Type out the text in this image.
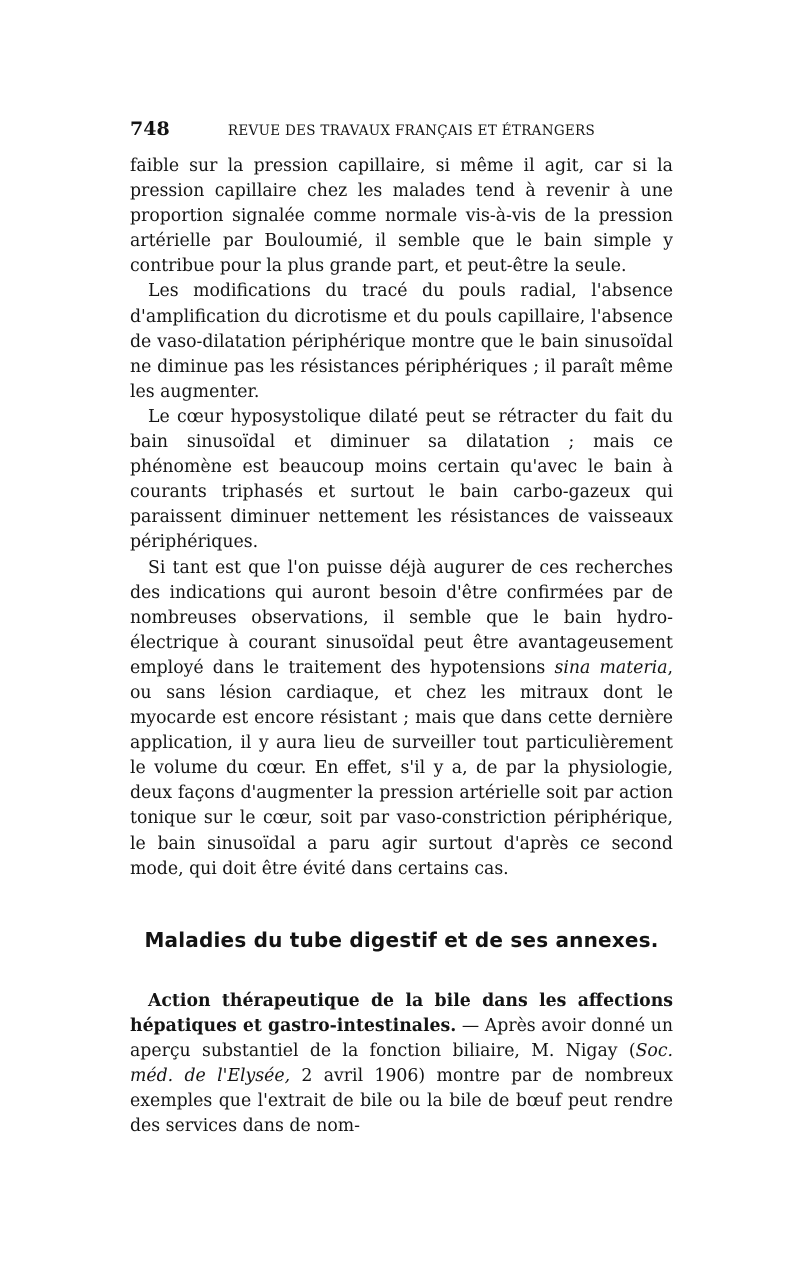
748	REVUE DES TRAVAUX FRANÇAIS ET ÉTRANGERS

faible sur la pression capillaire, si même il agit, car si la pression capillaire chez les malades tend à revenir à une proportion signalée comme normale vis-à-vis de la pression artérielle par Bouloumié, il semble que le bain simple y contribue pour la plus grande part, et peut-être la seule.

Les modifications du tracé du pouls radial, l'absence d'amplification du dicrotisme et du pouls capillaire, l'absence de vaso-dilatation périphérique montre que le bain sinusoïdal ne diminue pas les résistances périphériques ; il paraît même les augmenter.

Le cœur hyposystolique dilaté peut se rétracter du fait du bain sinusoïdal et diminuer sa dilatation ; mais ce phénomène est beaucoup moins certain qu'avec le bain à courants triphasés et surtout le bain carbo-gazeux qui paraissent diminuer nettement les résistances de vaisseaux périphériques.

Si tant est que l'on puisse déjà augurer de ces recherches des indications qui auront besoin d'être confirmées par de nombreuses observations, il semble que le bain hydro-électrique à courant sinusoïdal peut être avantageusement employé dans le traitement des hypotensions sina materia, ou sans lésion cardiaque, et chez les mitraux dont le myocarde est encore résistant ; mais que dans cette dernière application, il y aura lieu de surveiller tout particulièrement le volume du cœur. En effet, s'il y a, de par la physiologie, deux façons d'augmenter la pression artérielle soit par action tonique sur le cœur, soit par vaso-constriction périphérique, le bain sinusoïdal a paru agir surtout d'après ce second mode, qui doit être évité dans certains cas.

Maladies du tube digestif et de ses annexes.

Action thérapeutique de la bile dans les affections hépatiques et gastro-intestinales. — Après avoir donné un aperçu substantiel de la fonction biliaire, M. Nigay (Soc. méd. de l'Elysée, 2 avril 1906) montre par de nombreux exemples que l'extrait de bile ou la bile de bœuf peut rendre des services dans de nom-
